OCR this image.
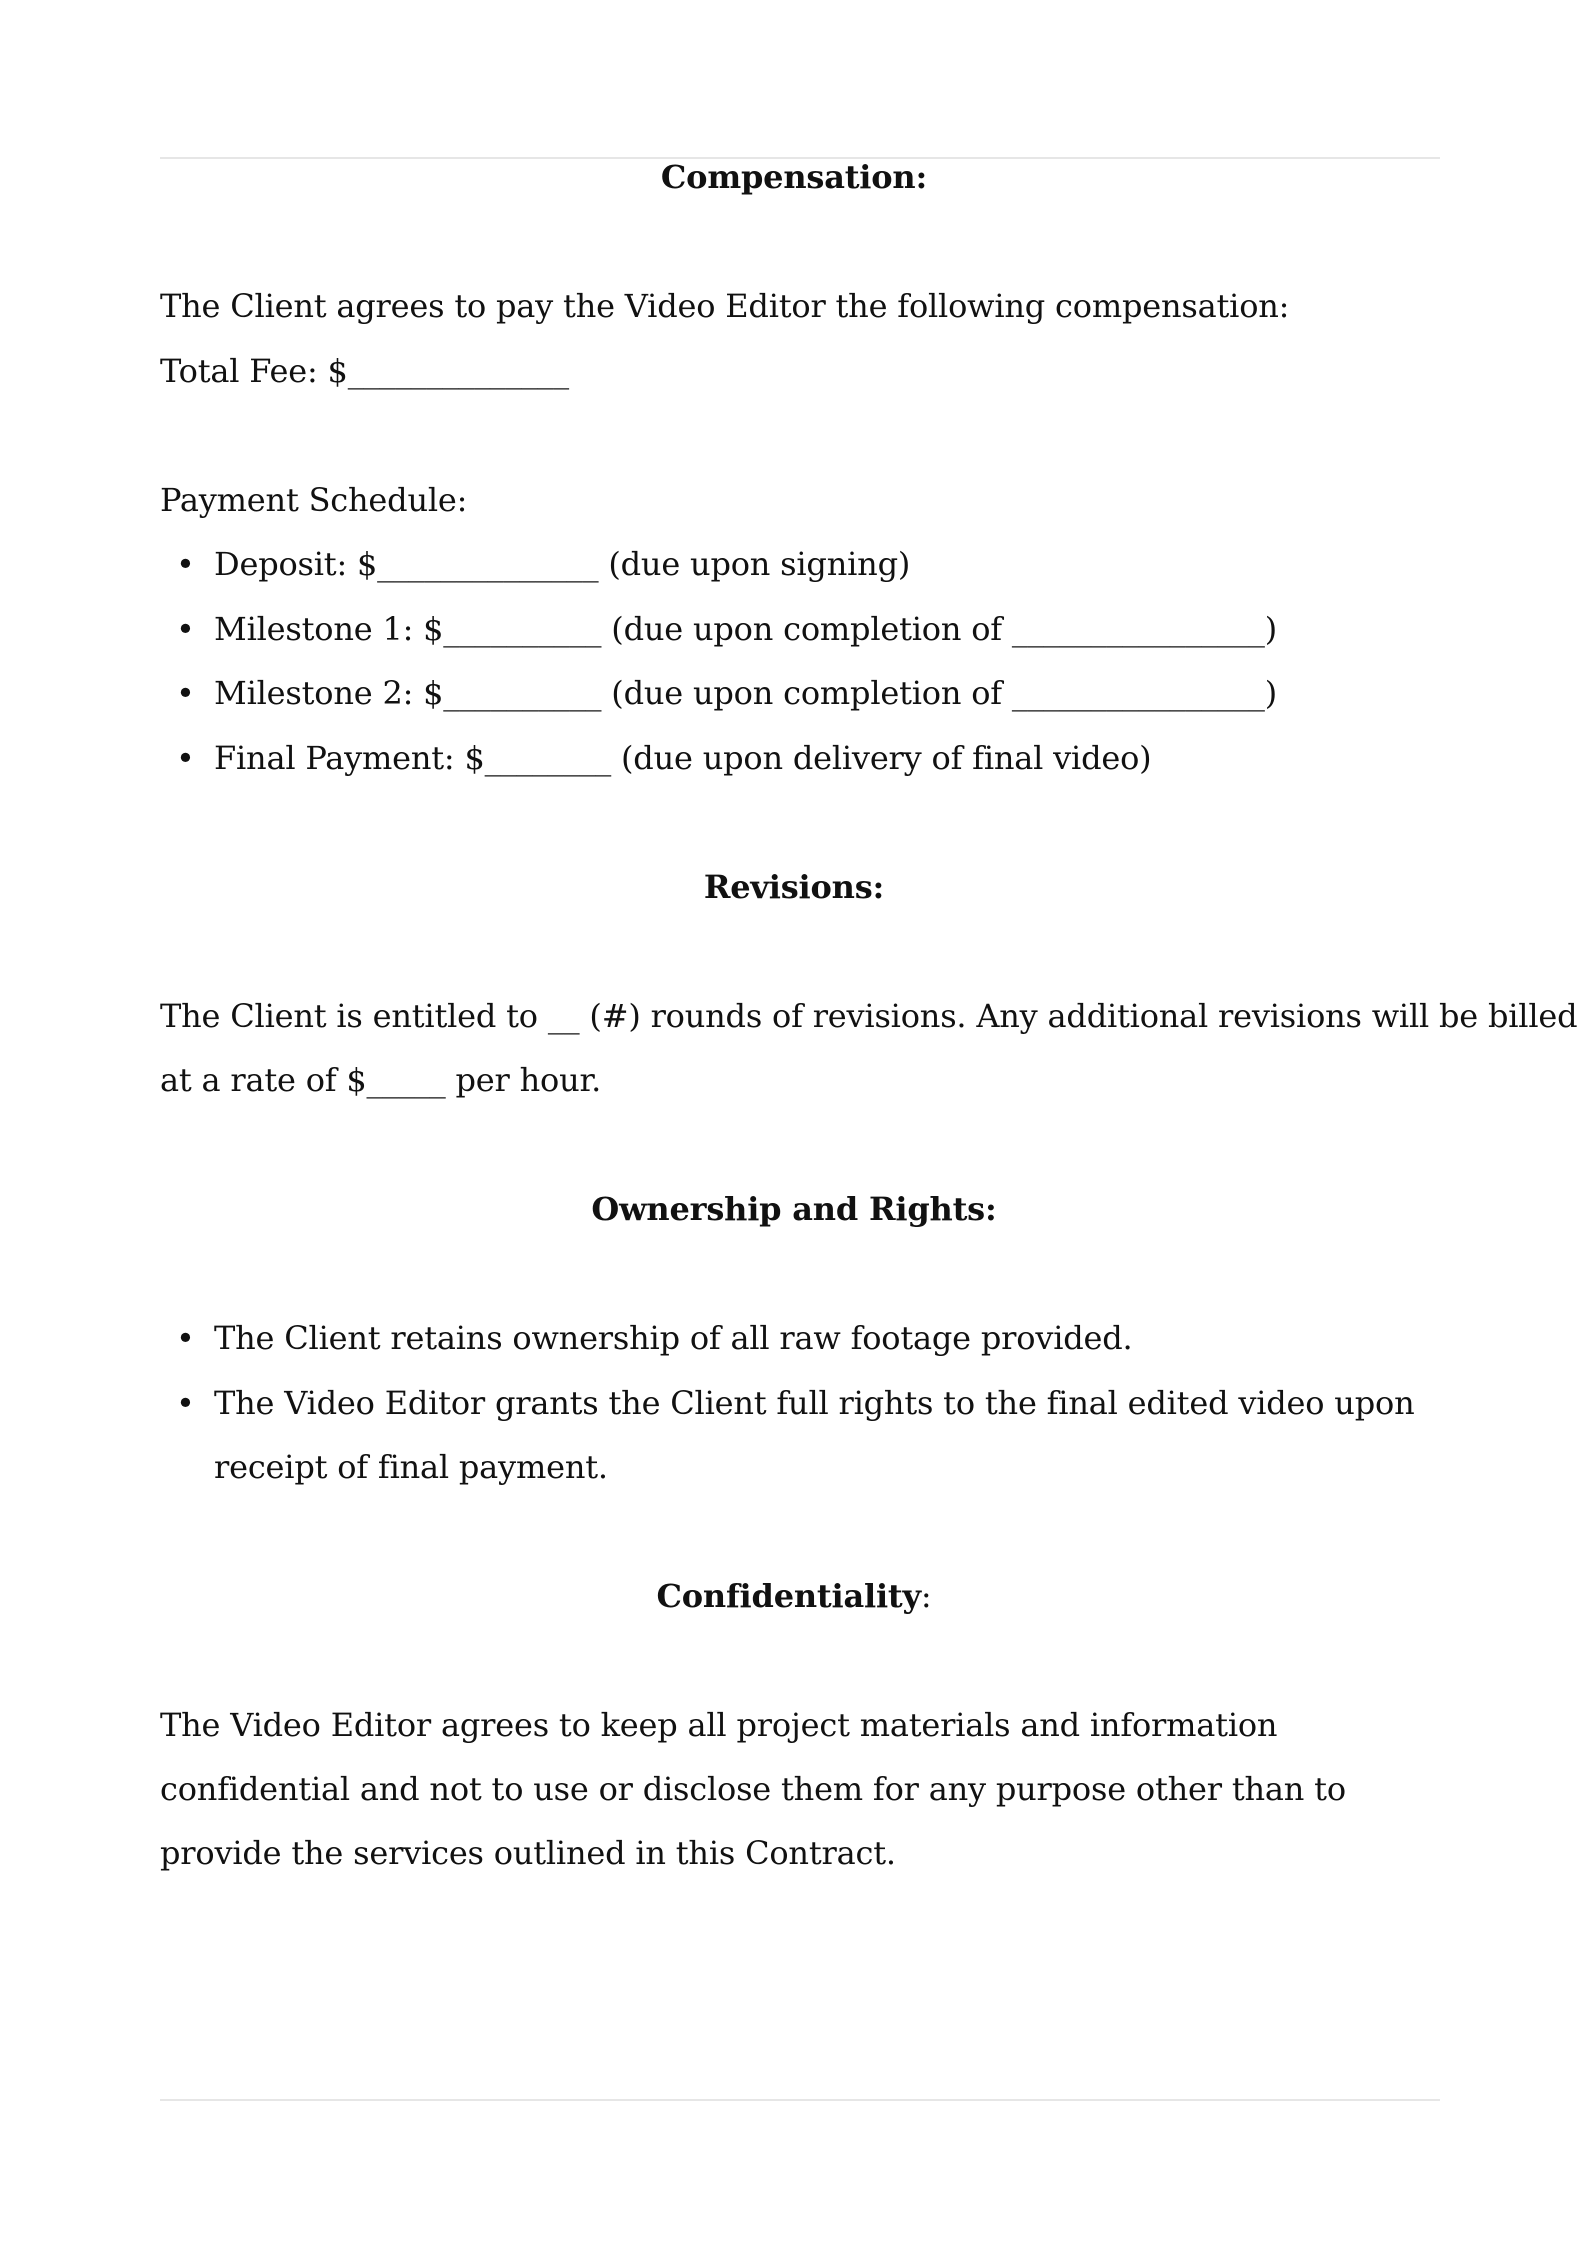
Compensation:
The Client agrees to pay the Video Editor the following compensation:
Total Fee: $______________
Payment Schedule:
• Deposit: $______________ (due upon signing)
• Milestone 1: $__________ (due upon completion of ________________)
• Milestone 2: $__________ (due upon completion of ________________)
• Final Payment: $________ (due upon delivery of final video)
Revisions:
The Client is entitled to __ (#) rounds of revisions. Any additional revisions will be billed
at a rate of $_____ per hour.
Ownership and Rights:
• The Client retains ownership of all raw footage provided.
• The Video Editor grants the Client full rights to the final edited video upon receipt of final payment.
Confidentiality:
The Video Editor agrees to keep all project materials and information confidential and not to use or disclose them for any purpose other than to provide the services outlined in this Contract.
